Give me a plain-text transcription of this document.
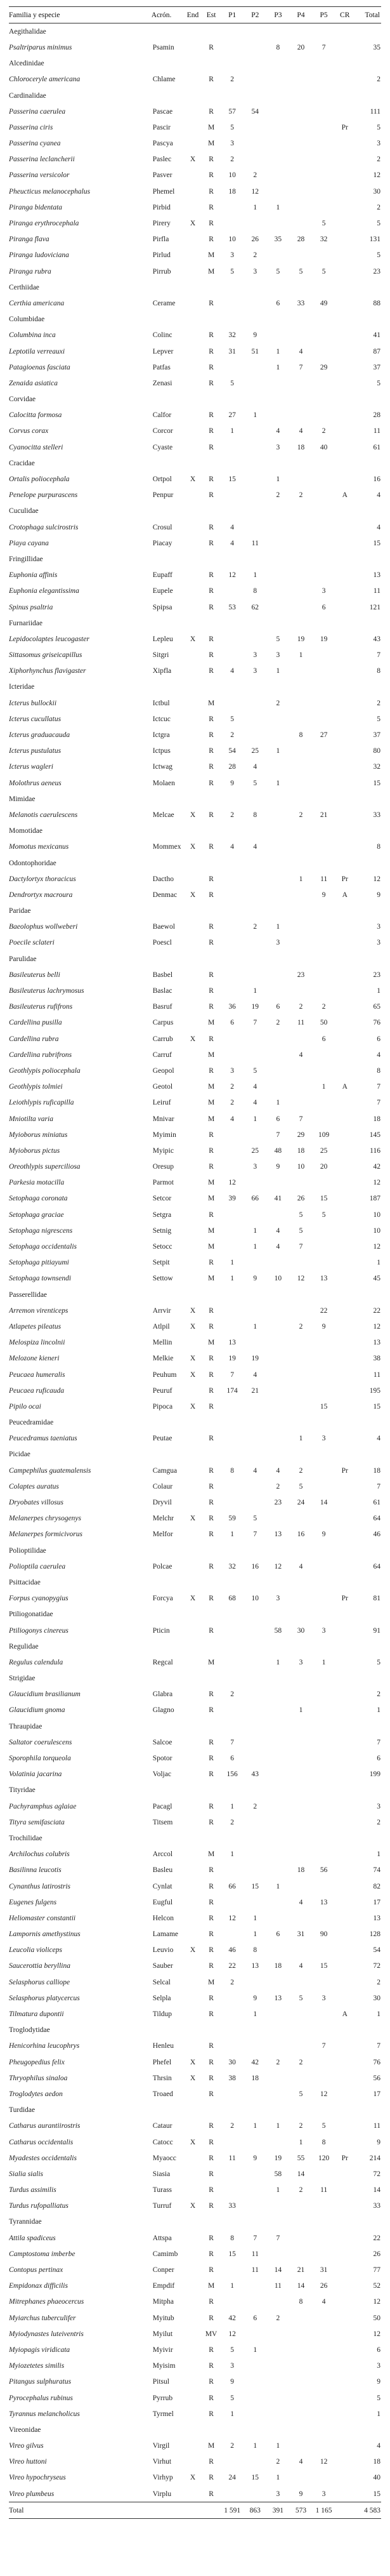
Familia y especie	Acrón.	End	Est	P1	P2	P3	P4	P5	CR	Total
Aegithalidae										
Psaltriparus minimus	Psamin		R			8	20	7		35
Alcedinidae										
Chloroceryle americana	Chlame		R	2						2
Cardinalidae										
Passerina caerulea	Pascae		R	57	54					111
Passerina ciris	Pascir		M	5					Pr	5
Passerina cyanea	Pascya		M	3						3
Passerina leclancherii	Paslec	X	R	2						2
Passerina versicolor	Pasver		R	10	2					12
Pheucticus melanocephalus	Phemel		R	18	12					30
Piranga bidentata	Pirbid		R		1	1				2
Piranga erythrocephala	Pirery	X	R					5		5
Piranga flava	Pirfla		R	10	26	35	28	32		131
Piranga ludoviciana	Pirlud		M	3	2					5
Piranga rubra	Pirrub		M	5	3	5	5	5		23
Certhiidae										
Certhia americana	Cerame		R			6	33	49		88
Columbidae										
Columbina inca	Colinc		R	32	9					41
Leptotila verreauxi	Lepver		R	31	51	1	4			87
Patagioenas fasciata	Patfas		R			1	7	29		37
Zenaida asiatica	Zenasi		R	5						5
Corvidae										
Calocitta formosa	Calfor		R	27	1					28
Corvus corax	Corcor		R	1		4	4	2		11
Cyanocitta stelleri	Cyaste		R			3	18	40		61
Cracidae										
Ortalis poliocephala	Ortpol	X	R	15		1				16
Penelope purpurascens	Penpur		R			2	2		A	4
Cuculidae										
Crotophaga sulcirostris	Crosul		R	4						4
Piaya cayana	Piacay		R	4	11					15
Fringillidae										
Euphonia affinis	Eupaff		R	12	1					13
Euphonia elegantissima	Eupele		R		8			3		11
Spinus psaltria	Spipsa		R	53	62			6		121
Furnariidae										
Lepidocolaptes leucogaster	Lepleu	X	R			5	19	19		43
Sittasomus griseicapillus	Sitgri		R		3	3	1			7
Xiphorhynchus flavigaster	Xipfla		R	4	3	1				8
Icteridae										
Icterus bullockii	Ictbul		M			2				2
Icterus cucullatus	Ictcuc		R	5						5
Icterus graduacauda	Ictgra		R	2			8	27		37
Icterus pustulatus	Ictpus		R	54	25	1				80
Icterus wagleri	Ictwag		R	28	4					32
Molothrus aeneus	Molaen		R	9	5	1				15
Mimidae										
Melanotis caerulescens	Melcae	X	R	2	8		2	21		33
Momotidae										
Momotus mexicanus	Mommex	X	R	4	4					8
Odontophoridae										
Dactylortyx thoracicus	Dactho		R				1	11	Pr	12
Dendrortyx macroura	Denmac	X	R					9	A	9
Paridae										
Baeolophus wollweberi	Baewol		R		2	1				3
Poecile sclateri	Poescl		R			3				3
Parulidae										
Basileuterus belli	Basbel		R				23			23
Basileuterus lachrymosus	Baslac		R		1					1
Basileuterus rufifrons	Basruf		R	36	19	6	2	2		65
Cardellina pusilla	Carpus		M	6	7	2	11	50		76
Cardellina rubra	Carrub	X	R					6		6
Cardellina rubrifrons	Carruf		M				4			4
Geothlypis poliocephala	Geopol		R	3	5					8
Geothlypis tolmiei	Geotol		M	2	4			1	A	7
Leiothlypis ruficapilla	Leiruf		M	2	4	1				7
Mniotilta varia	Mnivar		M	4	1	6	7			18
Myioborus miniatus	Myimin		R			7	29	109		145
Myioborus pictus	Myipic		R		25	48	18	25		116
Oreothlypis superciliosa	Oresup		R		3	9	10	20		42
Parkesia motacilla	Parmot		M	12						12
Setophaga coronata	Setcor		M	39	66	41	26	15		187
Setophaga graciae	Setgra		R				5	5		10
Setophaga nigrescens	Setnig		M		1	4	5			10
Setophaga occidentalis	Setocc		M		1	4	7			12
Setophaga pitiayumi	Setpit		R	1						1
Setophaga townsendi	Settow		M	1	9	10	12	13		45
Passerellidae										
Arremon virenticeps	Arrvir	X	R					22		22
Atlapetes pileatus	Atlpil	X	R		1		2	9		12
Melospiza lincolnii	Mellin		M	13						13
Melozone kieneri	Melkie	X	R	19	19					38
Peucaea humeralis	Peuhum	X	R	7	4					11
Peucaea ruficauda	Peuruf		R	174	21					195
Pipilo ocai	Pipoca	X	R					15		15
Peucedramidae										
Peucedramus taeniatus	Peutae		R				1	3		4
Picidae										
Campephilus guatemalensis	Camgua		R	8	4	4	2		Pr	18
Colaptes auratus	Colaur		R			2	5			7
Dryobates villosus	Dryvil		R			23	24	14		61
Melanerpes chrysogenys	Melchr	X	R	59	5					64
Melanerpes formicivorus	Melfor		R	1	7	13	16	9		46
Polioptilidae										
Polioptila caerulea	Polcae		R	32	16	12	4			64
Psittacidae										
Forpus cyanopygius	Forcya	X	R	68	10	3			Pr	81
Ptiliogonatidae										
Ptiliogonys cinereus	Pticin		R			58	30	3		91
Regulidae										
Regulus calendula	Regcal		M			1	3	1		5
Strigidae										
Glaucidium brasilianum	Glabra		R	2						2
Glaucidium gnoma	Glagno		R				1			1
Thraupidae										
Saltator coerulescens	Salcoe		R	7						7
Sporophila torqueola	Spotor		R	6						6
Volatinia jacarina	Voljac		R	156	43					199
Tityridae										
Pachyramphus aglaiae	Pacagl		R	1	2					3
Tityra semifasciata	Titsem		R	2						2
Trochilidae										
Archilochus colubris	Arccol		M	1						1
Basilinna leucotis	Basleu		R				18	56		74
Cynanthus latirostris	Cynlat		R	66	15	1				82
Eugenes fulgens	Eugful		R				4	13		17
Heliomaster constantii	Helcon		R	12	1					13
Lampornis amethystinus	Lamame		R		1	6	31	90		128
Leucolia violiceps	Leuvio	X	R	46	8					54
Saucerottia beryllina	Sauber		R	22	13	18	4	15		72
Selasphorus calliope	Selcal		M	2						2
Selasphorus platycercus	Selpla		R		9	13	5	3		30
Tilmatura dupontii	Tildup		R		1				A	1
Troglodytidae										
Henicorhina leucophrys	Henleu		R					7		7
Pheugopedius felix	Phefel	X	R	30	42	2	2			76
Thryophilus sinaloa	Thrsin	X	R	38	18					56
Troglodytes aedon	Troaed		R				5	12		17
Turdidae										
Catharus aurantiirostris	Cataur		R	2	1	1	2	5		11
Catharus occidentalis	Catocc	X	R				1	8		9
Myadestes occidentalis	Myaocc		R	11	9	19	55	120	Pr	214
Sialia sialis	Siasia		R			58	14			72
Turdus assimilis	Turass		R			1	2	11		14
Turdus rufopalliatus	Turruf	X	R	33						33
Tyrannidae										
Attila spadiceus	Attspa		R	8	7	7				22
Camptostoma imberbe	Camimb		R	15	11					26
Contopus pertinax	Conper		R		11	14	21	31		77
Empidonax difficilis	Empdif		M	1		11	14	26		52
Mitrephanes phaeocercus	Mitpha		R				8	4		12
Myiarchus tuberculifer	Myitub		R	42	6	2				50
Myiodynastes luteiventris	Myilut		MV	12						12
Myiopagis viridicata	Myivir		R	5	1					6
Myiozetetes similis	Myisim		R	3						3
Pitangus sulphuratus	Pitsul		R	9						9
Pyrocephalus rubinus	Pyrrub		R	5						5
Tyrannus melancholicus	Tyrmel		R	1						1
Vireonidae										
Vireo gilvus	Virgil		M	2	1	1				4
Vireo huttoni	Virhut		R			2	4	12		18
Vireo hypochryseus	Virhyp	X	R	24	15	1				40
Vireo plumbeus	Virplu		R			3	9	3		15
Total				1 591	863	391	573	1 165		4 583
